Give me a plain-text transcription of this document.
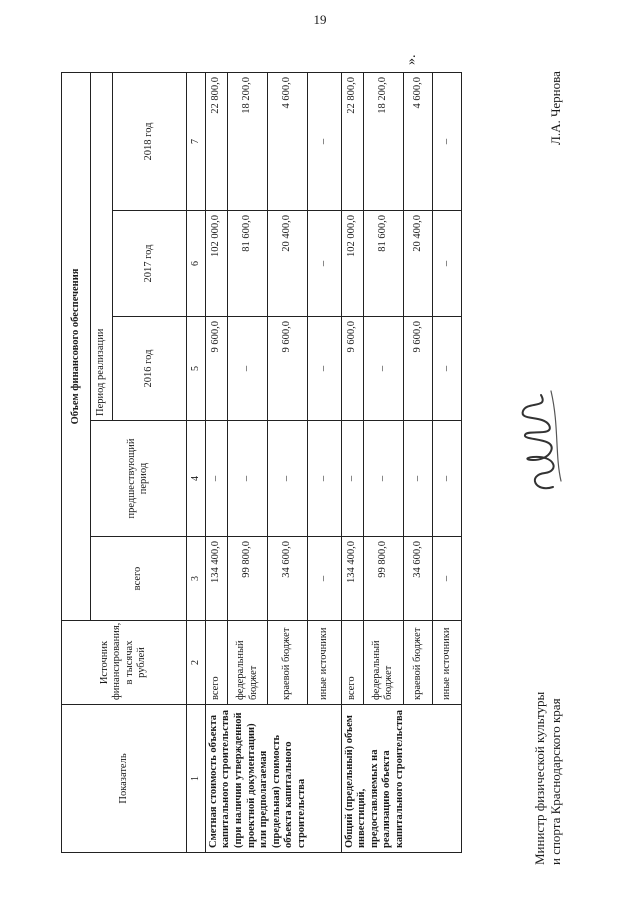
19
Показатель	Источник финансирования, в тысячах рублей	Объем финансового обеспечения				
		всего	предшествующий период	Период реализации		
				2016 год	2017 год	2018 год
1	2	3	4	5	6	7
Сметная стоимость объекта капитального строительства (при наличии утвержденной проектной документации) или предполагаемая (предельная) стоимость объекта капитального строительства	всего	134 400,0	–	9 600,0	102 000,0	22 800,0
	федеральный бюджет	99 800,0	–	–	81 600,0	18 200,0
	краевой бюджет	34 600,0	–	9 600,0	20 400,0	4 600,0
	иные источники	–	–	–	–	–
Общий (предельный) объем инвестиций, предоставляемых на реализацию объекта капитального строительства	всего	134 400,0	–	9 600,0	102 000,0	22 800,0
	федеральный бюджет	99 800,0	–	–	81 600,0	18 200,0
	краевой бюджет	34 600,0	–	9 600,0	20 400,0	4 600,0
	иные источники	–	–	–	–	–
».
Министр физической культуры и спорта Краснодарского края
Л.А. Чернова
